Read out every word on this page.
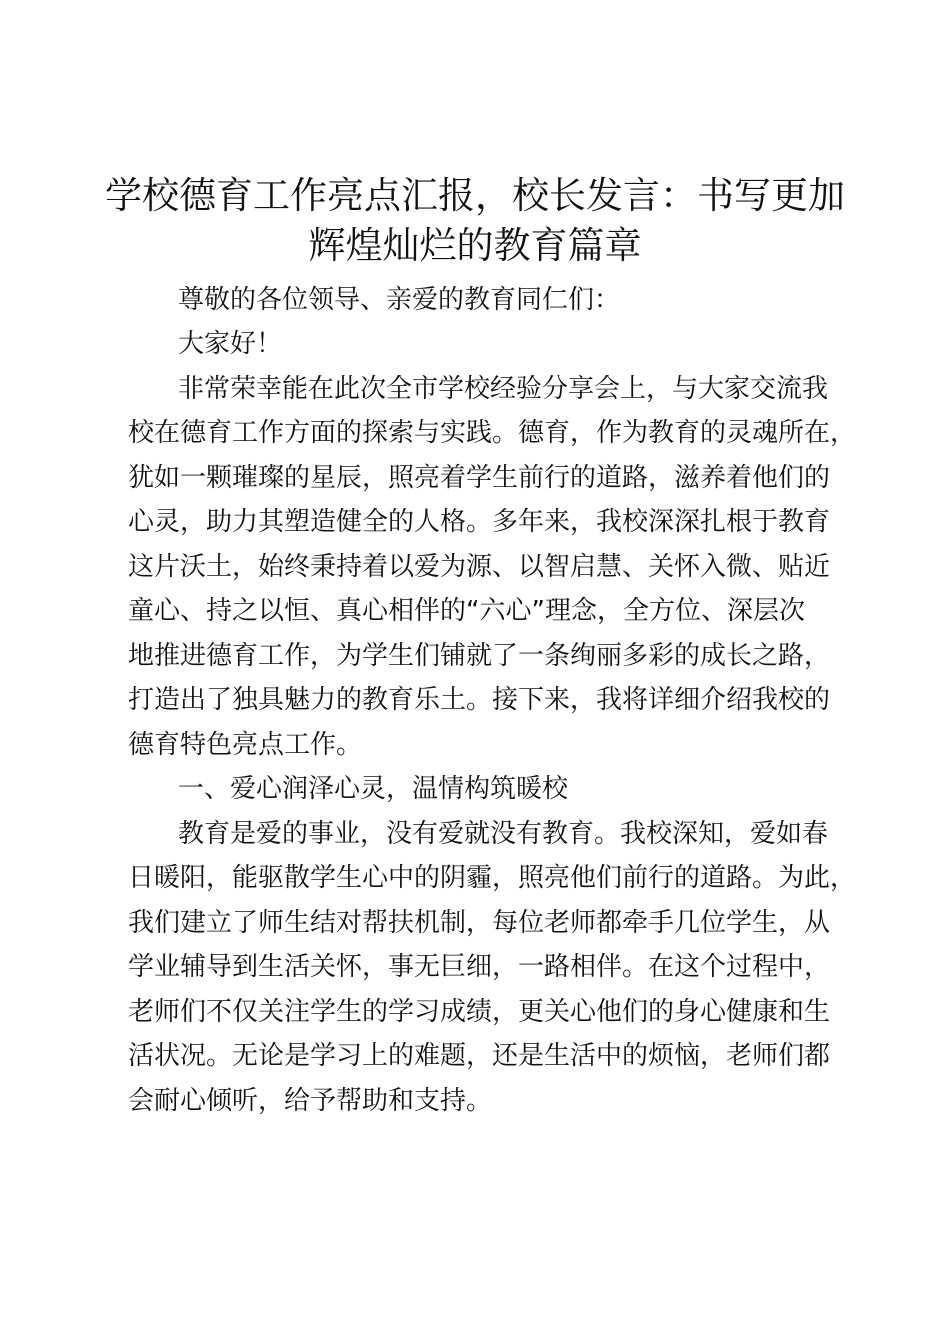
学校德育工作亮点汇报，校长发言：书写更加
辉煌灿烂的教育篇章
尊敬的各位领导、亲爱的教育同仁们：
大家好！
非常荣幸能在此次全市学校经验分享会上，与大家交流我
校在德育工作方面的探索与实践。德育，作为教育的灵魂所在，
犹如一颗璀璨的星辰，照亮着学生前行的道路，滋养着他们的
心灵，助力其塑造健全的人格。多年来，我校深深扎根于教育
这片沃土，始终秉持着以爱为源、以智启慧、关怀入微、贴近
童心、持之以恒、真心相伴的“六心”理念，全方位、深层次
地推进德育工作，为学生们铺就了一条绚丽多彩的成长之路，
打造出了独具魅力的教育乐土。接下来，我将详细介绍我校的
德育特色亮点工作。
一、爱心润泽心灵，温情构筑暖校
教育是爱的事业，没有爱就没有教育。我校深知，爱如春
日暖阳，能驱散学生心中的阴霾，照亮他们前行的道路。为此，
我们建立了师生结对帮扶机制，每位老师都牵手几位学生，从
学业辅导到生活关怀，事无巨细，一路相伴。在这个过程中，
老师们不仅关注学生的学习成绩，更关心他们的身心健康和生
活状况。无论是学习上的难题，还是生活中的烦恼，老师们都
会耐心倾听，给予帮助和支持。
